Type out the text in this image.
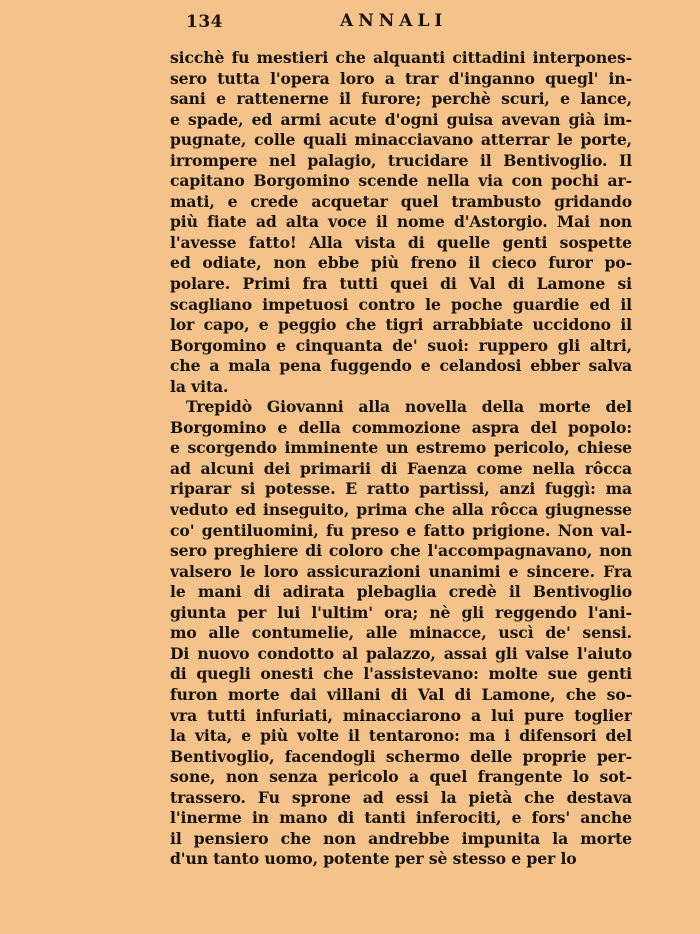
134	ANNALI
sicchè fu mestieri che alquanti cittadini interpones-
sero tutta l'opera loro a trar d'inganno quegl' in-
sani e rattenerne il furore; perchè scuri, e lance,
e spade, ed armi acute d'ogni guisa avevan già im-
pugnate, colle quali minacciavano atterrar le porte,
irrompere nel palagio, trucidare il Bentivoglio. Il
capitano Borgomino scende nella via con pochi ar-
mati, e crede acquetar quel trambusto gridando
più fiate ad alta voce il nome d'Astorgio. Mai non
l'avesse fatto! Alla vista di quelle genti sospette
ed odiate, non ebbe più freno il cieco furor po-
polare. Primi fra tutti quei di Val di Lamone si
scagliano impetuosi contro le poche guardie ed il
lor capo, e peggio che tigri arrabbiate uccidono il
Borgomino e cinquanta de' suoi: ruppero gli altri,
che a mala pena fuggendo e celandosi ebber salva
la vita.
Trepidò Giovanni alla novella della morte del
Borgomino e della commozione aspra del popolo:
e scorgendo imminente un estremo pericolo, chiese
ad alcuni dei primarii di Faenza come nella rôcca
riparar si potesse. E ratto partissi, anzi fuggì: ma
veduto ed inseguito, prima che alla rôcca giugnesse
co' gentiluomini, fu preso e fatto prigione. Non val-
sero preghiere di coloro che l'accompagnavano, non
valsero le loro assicurazioni unanimi e sincere. Fra
le mani di adirata plebaglia credè il Bentivoglio
giunta per lui l'ultim' ora; nè gli reggendo l'ani-
mo alle contumelie, alle minacce, uscì de' sensi.
Di nuovo condotto al palazzo, assai gli valse l'aiuto
di quegli onesti che l'assistevano: molte sue genti
furon morte dai villani di Val di Lamone, che so-
vra tutti infuriati, minacciarono a lui pure toglier
la vita, e più volte il tentarono: ma i difensori del
Bentivoglio, facendogli schermo delle proprie per-
sone, non senza pericolo a quel frangente lo sot-
trassero. Fu sprone ad essi la pietà che destava
l'inerme in mano di tanti inferociti, e fors' anche
il pensiero che non andrebbe impunita la morte
d'un tanto uomo, potente per sè stesso e per lo
